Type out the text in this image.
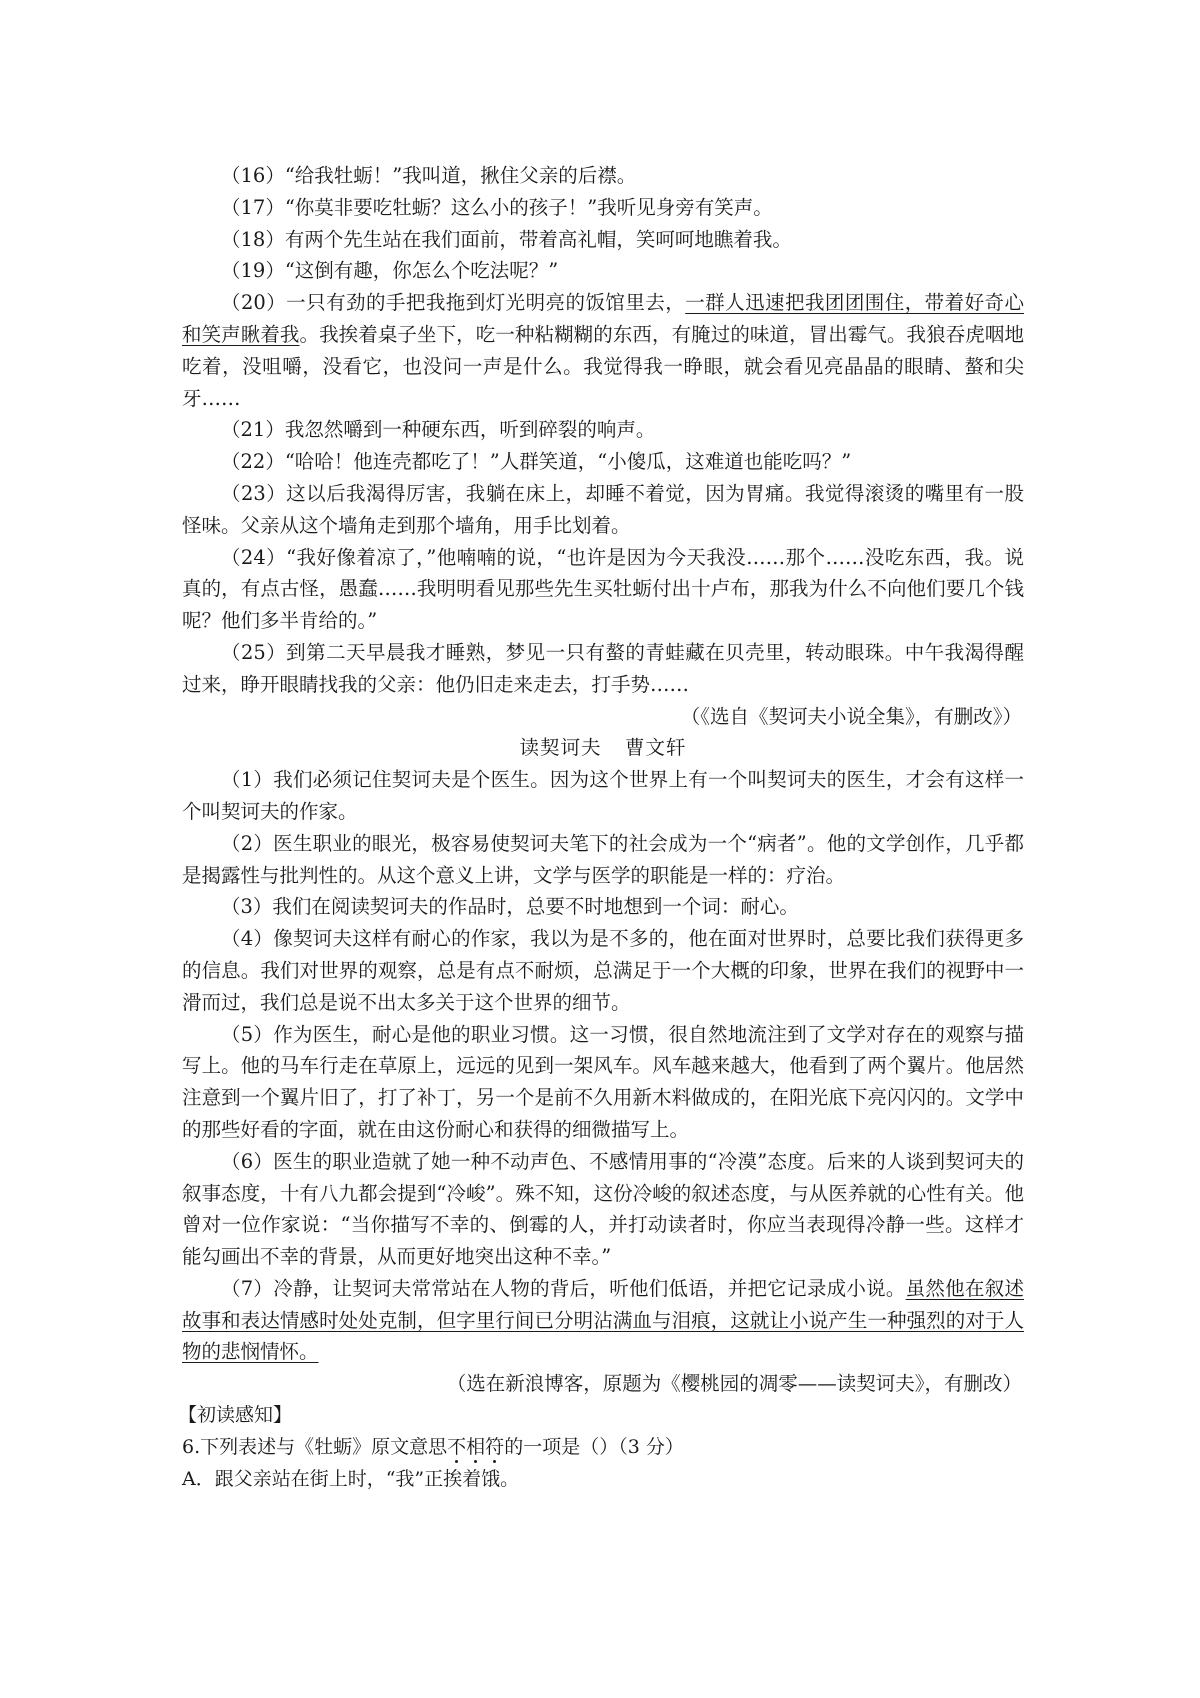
（16）“给我牡蛎！”我叫道，揪住父亲的后襟。

（17）“你莫非要吃牡蛎？这么小的孩子！”我听见身旁有笑声。

（18）有两个先生站在我们面前，带着高礼帽，笑呵呵地瞧着我。

（19）“这倒有趣，你怎么个吃法呢？”

（20）一只有劲的手把我拖到灯光明亮的饭馆里去，一群人迅速把我团团围住，带着好奇心和笑声瞅着我。我挨着桌子坐下，吃一种粘糊糊的东西，有腌过的味道，冒出霉气。我狼吞虎咽地吃着，没咀嚼，没看它，也没问一声是什么。我觉得我一睁眼，就会看见亮晶晶的眼睛、螯和尖牙……

（21）我忽然嚼到一种硬东西，听到碎裂的响声。

（22）“哈哈！他连壳都吃了！”人群笑道，“小傻瓜，这难道也能吃吗？”

（23）这以后我渴得厉害，我躺在床上，却睡不着觉，因为胃痛。我觉得滚烫的嘴里有一股怪味。父亲从这个墙角走到那个墙角，用手比划着。

（24）“我好像着凉了，”他喃喃的说，“也许是因为今天我没……那个……没吃东西，我。说真的，有点古怪，愚蠢……我明明看见那些先生买牡蛎付出十卢布，那我为什么不向他们要几个钱呢？他们多半肯给的。”

（25）到第二天早晨我才睡熟，梦见一只有螯的青蛙藏在贝壳里，转动眼珠。中午我渴得醒过来，睁开眼睛找我的父亲：他仍旧走来走去，打手势……

（《选自《契诃夫小说全集》，有删改》）

读契诃夫 曹文轩

（1）我们必须记住契诃夫是个医生。因为这个世界上有一个叫契诃夫的医生，才会有这样一个叫契诃夫的作家。

（2）医生职业的眼光，极容易使契诃夫笔下的社会成为一个“病者”。他的文学创作，几乎都是揭露性与批判性的。从这个意义上讲，文学与医学的职能是一样的：疗治。

（3）我们在阅读契诃夫的作品时，总要不时地想到一个词：耐心。

（4）像契诃夫这样有耐心的作家，我以为是不多的，他在面对世界时，总要比我们获得更多的信息。我们对世界的观察，总是有点不耐烦，总满足于一个大概的印象，世界在我们的视野中一滑而过，我们总是说不出太多关于这个世界的细节。

（5）作为医生，耐心是他的职业习惯。这一习惯，很自然地流注到了文学对存在的观察与描写上。他的马车行走在草原上，远远的见到一架风车。风车越来越大，他看到了两个翼片。他居然注意到一个翼片旧了，打了补丁，另一个是前不久用新木料做成的，在阳光底下亮闪闪的。文学中的那些好看的字面，就在由这份耐心和获得的细微描写上。

（6）医生的职业造就了她一种不动声色、不感情用事的“冷漠”态度。后来的人谈到契诃夫的叙事态度，十有八九都会提到“冷峻”。殊不知，这份冷峻的叙述态度，与从医养就的心性有关。他曾对一位作家说：“当你描写不幸的、倒霉的人，并打动读者时，你应当表现得冷静一些。这样才能勾画出不幸的背景，从而更好地突出这种不幸。”

（7）冷静，让契诃夫常常站在人物的背后，听他们低语，并把它记录成小说。虽然他在叙述故事和表达情感时处处克制，但字里行间已分明沾满血与泪痕，这就让小说产生一种强烈的对于人物的悲悯情怀。

（选在新浪博客，原题为《樱桃园的凋零——读契诃夫》，有删改）

【初读感知】

6.下列表述与《牡蛎》原文意思不相符的一项是（）（3 分）

A．跟父亲站在街上时，“我”正挨着饿。
